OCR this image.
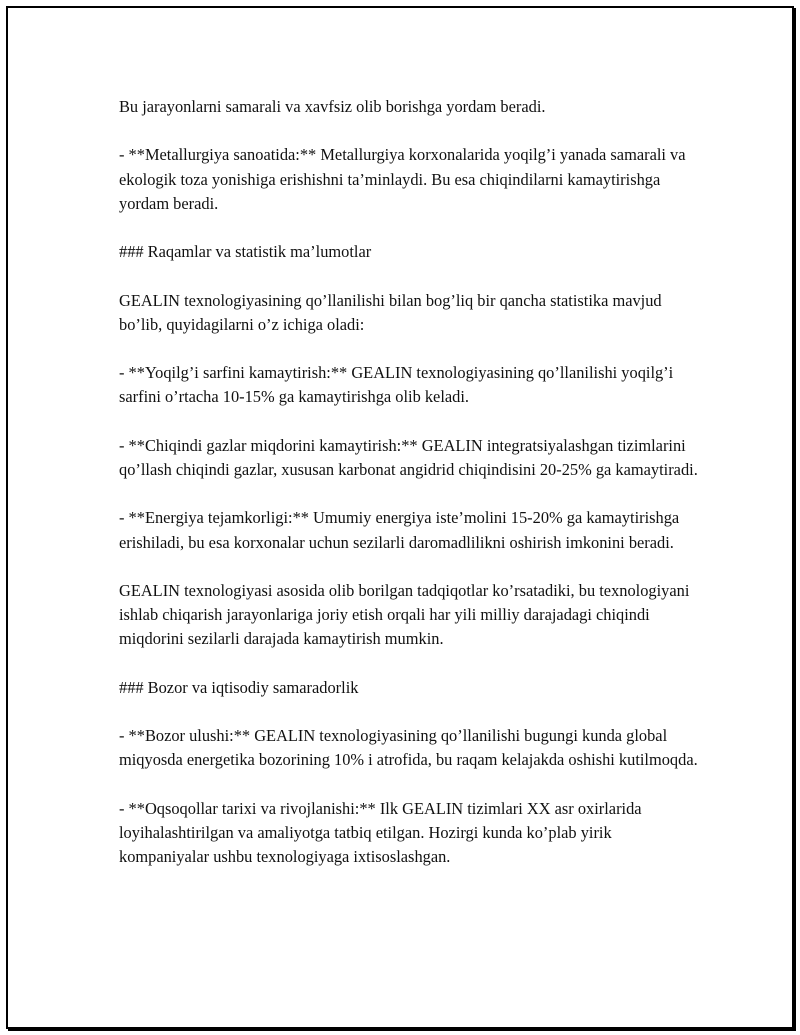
Bu jarayonlarni samarali va xavfsiz olib borishga yordam beradi.

- **Metallurgiya sanoatida:** Metallurgiya korxonalarida yoqilg’i yanada samarali va ekologik toza yonishiga erishishni ta’minlaydi. Bu esa chiqindilarni kamaytirishga yordam beradi.

### Raqamlar va statistik ma’lumotlar

GEALIN texnologiyasining qo’llanilishi bilan bog’liq bir qancha statistika mavjud bo’lib, quyidagilarni o’z ichiga oladi:

- **Yoqilg’i sarfini kamaytirish:** GEALIN texnologiyasining qo’llanilishi yoqilg’i sarfini o’rtacha 10-15% ga kamaytirishga olib keladi.

- **Chiqindi gazlar miqdorini kamaytirish:** GEALIN integratsiyalashgan tizimlarini qo’llash chiqindi gazlar, xususan karbonat angidrid chiqindisini 20-25% ga kamaytiradi.

- **Energiya tejamkorligi:** Umumiy energiya iste’molini 15-20% ga kamaytirishga erishiladi, bu esa korxonalar uchun sezilarli daromadlilikni oshirish imkonini beradi.

GEALIN texnologiyasi asosida olib borilgan tadqiqotlar ko’rsatadiki, bu texnologiyani ishlab chiqarish jarayonlariga joriy etish orqali har yili milliy darajadagi chiqindi miqdorini sezilarli darajada kamaytirish mumkin.

### Bozor va iqtisodiy samaradorlik

- **Bozor ulushi:** GEALIN texnologiyasining qo’llanilishi bugungi kunda global miqyosda energetika bozorining 10% i atrofida, bu raqam kelajakda oshishi kutilmoqda.

- **Oqsoqollar tarixi va rivojlanishi:** Ilk GEALIN tizimlari XX asr oxirlarida loyihalashtirilgan va amaliyotga tatbiq etilgan. Hozirgi kunda ko’plab yirik kompaniyalar ushbu texnologiyaga ixtisoslashgan.
